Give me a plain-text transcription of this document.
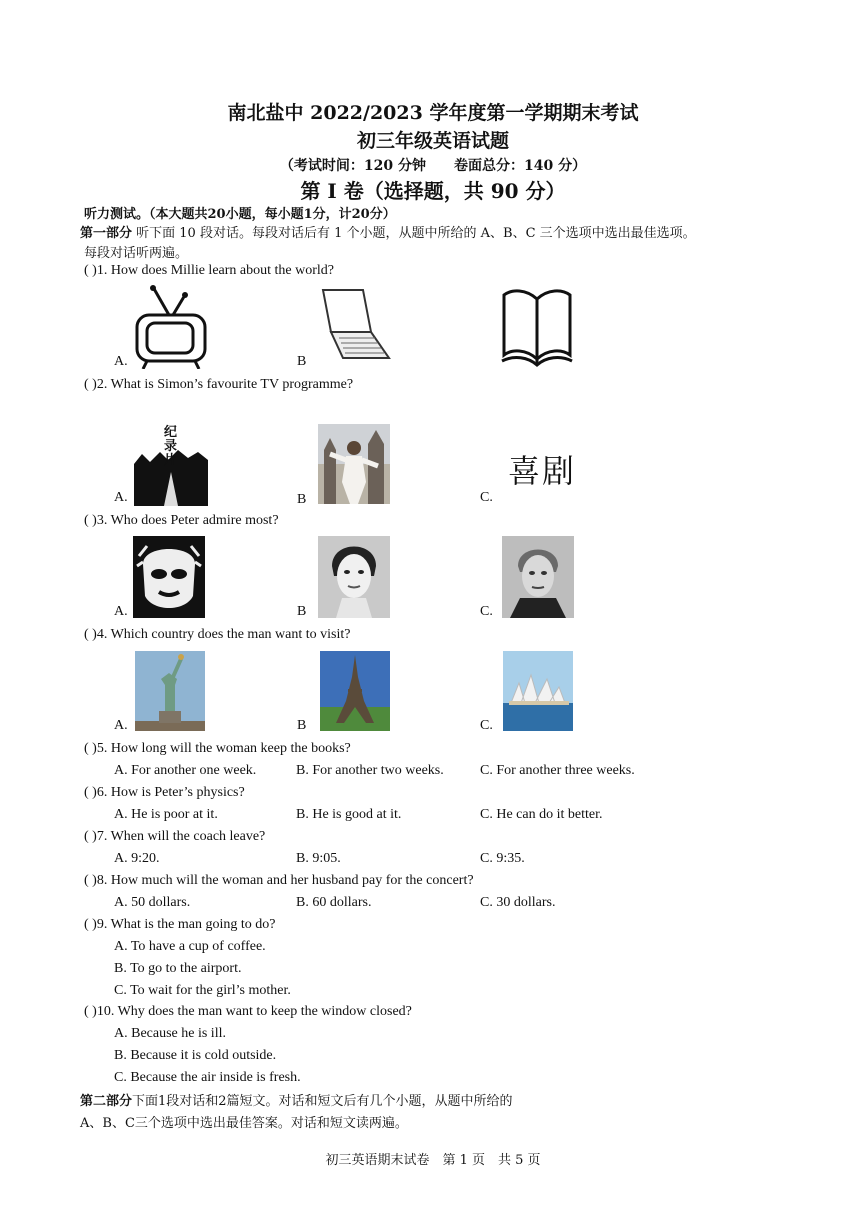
南北盐中 2022/2023 学年度第一学期期末考试
初三年级英语试题
（考试时间：120 分钟　　卷面总分：140 分）
第 I 卷（选择题，共 90 分）
听力测试。（本大题共20小题，每小题1分，计20分）
第一部分 听下面 10 段对话。每段对话后有 1 个小题，从题中所给的 A、B、C 三个选项中选出最佳选项。
每段对话听两遍。
( )1. How does Millie learn about the world?
A.	B
( )2. What is Simon’s favourite TV programme?
A.
纪录片
B	C.
喜剧
( )3. Who does Peter admire most?
A.	B	C.
( )4. Which country does the man want to visit?
A.	B	C.
( )5. How long will the woman keep the books?
A. For another one week.	B. For another two weeks.	C. For another three weeks.
( )6. How is Peter’s physics?
A. He is poor at it.	B. He is good at it.	C. He can do it better.
( )7. When will the coach leave?
A. 9:20.	B. 9:05.	C. 9:35.
( )8. How much will the woman and her husband pay for the concert?
A. 50 dollars.	B. 60 dollars.	C. 30 dollars.
( )9. What is the man going to do?
A. To have a cup of coffee.
B. To go to the airport.
C. To wait for the girl’s mother.
( )10. Why does the man want to keep the window closed?
A. Because he is ill.
B. Because it is cold outside.
C. Because the air inside is fresh.
第二部分下面1段对话和2篇短文。对话和短文后有几个小题，从题中所给的
A、B、C三个选项中选出最佳答案。对话和短文读两遍。
初三英语期末试卷　第 1 页　共 5 页
